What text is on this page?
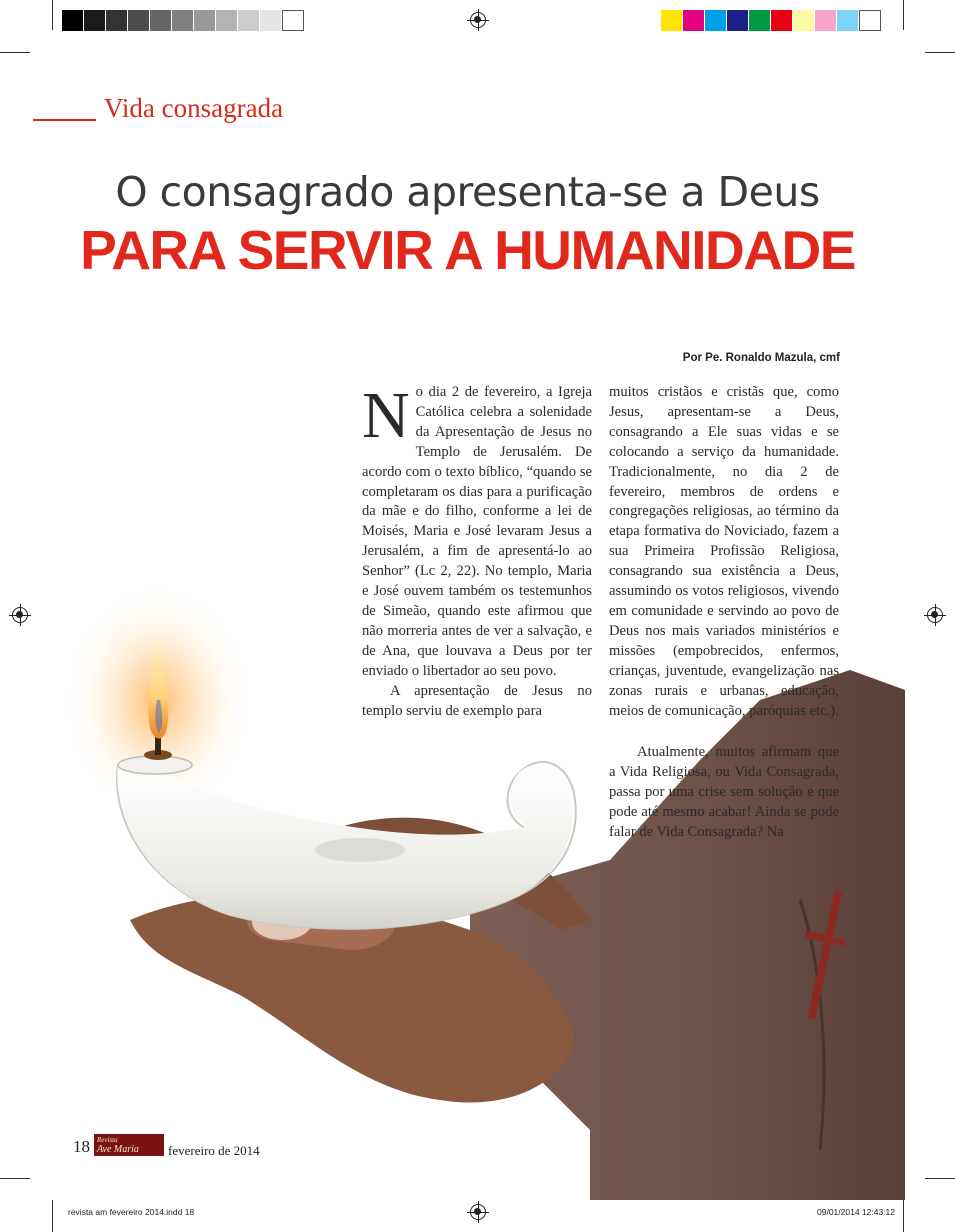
Vida consagrada
O consagrado apresenta-se a Deus
PARA SERVIR A HUMANIDADE
Por Pe. Ronaldo Mazula, cmf

No dia 2 de fevereiro, a Igreja Católica celebra a solenidade da Apresentação de Jesus no Templo de Jerusalém. De acordo com o texto bíblico, “quando se completaram os dias para a purificação da mãe e do filho, conforme a lei de Moisés, Maria e José levaram Jesus a Jerusalém, a fim de apresentá-lo ao Senhor” (Lc 2, 22). No templo, Maria e José ouvem também os testemunhos de Simeão, quando este afirmou que não morreria antes de ver a salvação, e de Ana, que louvava a Deus por ter enviado o libertador ao seu povo.

A apresentação de Jesus no templo serviu de exemplo para

muitos cristãos e cristãs que, como Jesus, apresentam-se a Deus, consagrando a Ele suas vidas e se colocando a serviço da humanidade. Tradicionalmente, no dia 2 de fevereiro, membros de ordens e congregações religiosas, ao término da etapa formativa do Noviciado, fazem a sua Primeira Profissão Religiosa, consagrando sua existência a Deus, assumindo os votos religiosos, vivendo em comunidade e servindo ao povo de Deus nos mais variados ministérios e missões (empobrecidos, enfermos, crianças, juventude, evangelização nas zonas rurais e urbanas, educação, meios de comunicação, paróquias etc.).

Atualmente, muitos afirmam que a Vida Religiosa, ou Vida Consagrada, passa por uma crise sem solução e que pode até mesmo acabar! Ainda se pode falar de Vida Consagrada? Na

18 Revista
Ave Maria	fevereiro de 2014
revista am fevereiro 2014.indd 18	09/01/2014 12:43:12
